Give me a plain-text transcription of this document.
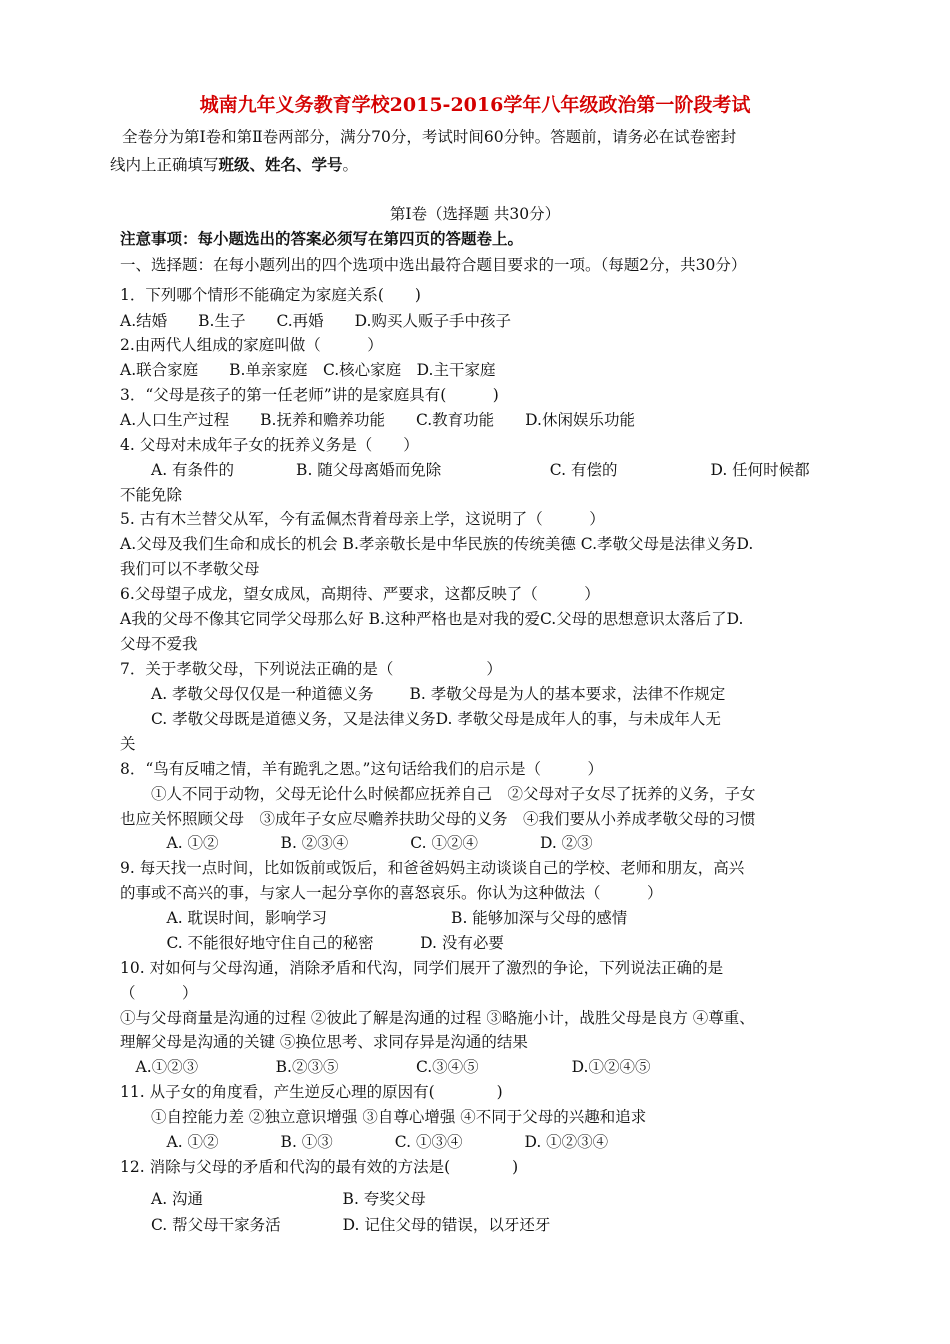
城南九年义务教育学校2015-2016学年八年级政治第一阶段考试
全卷分为第Ⅰ卷和第Ⅱ卷两部分，满分70分，考试时间60分钟。答题前，请务必在试卷密封
线内上正确填写班级、姓名、学号。
第Ⅰ卷（选择题 共30分）
注意事项：每小题选出的答案必须写在第四页的答题卷上。
一、选择题：在每小题列出的四个选项中选出最符合题目要求的一项。（每题2分，共30分）
1．下列哪个情形不能确定为家庭关系(　　)
A.结婚　　B.生子　　C.再婚　　D.购买人贩子手中孩子
2.由两代人组成的家庭叫做（　　　）
A.联合家庭　　B.单亲家庭　C.核心家庭　D.主干家庭
3．“父母是孩子的第一任老师”讲的是家庭具有(　　　)
A.人口生产过程　　B.抚养和赡养功能　　C.教育功能　　D.休闲娱乐功能
4. 父母对未成年子女的抚养义务是（　　）
　　A. 有条件的　　　　B. 随父母离婚而免除　　　　　　　C. 有偿的　　　　　　D. 任何时候都
不能免除
5. 古有木兰替父从军，今有孟佩杰背着母亲上学，这说明了（　　　）
A.父母及我们生命和成长的机会 B.孝亲敬长是中华民族的传统美德 C.孝敬父母是法律义务D.
我们可以不孝敬父母
6.父母望子成龙，望女成凤，高期待、严要求，这都反映了（　　　）
A我的父母不像其它同学父母那么好 B.这种严格也是对我的爱C.父母的思想意识太落后了D.
父母不爱我
7．关于孝敬父母，下列说法正确的是（　　　　　　）
　　A. 孝敬父母仅仅是一种道德义务　　 B. 孝敬父母是为人的基本要求，法律不作规定
　　C. 孝敬父母既是道德义务，又是法律义务D. 孝敬父母是成年人的事，与未成年人无
关
8．“鸟有反哺之情，羊有跪乳之恩。”这句话给我们的启示是（　　　）
　　①人不同于动物，父母无论什么时候都应抚养自己　②父母对子女尽了抚养的义务，子女
也应关怀照顾父母　③成年子女应尽赡养扶助父母的义务　④我们要从小养成孝敬父母的习惯
　　　A. ①②　　　　B. ②③④　　　　C. ①②④　　　　D. ②③
9. 每天找一点时间，比如饭前或饭后，和爸爸妈妈主动谈谈自己的学校、老师和朋友，高兴
的事或不高兴的事，与家人一起分享你的喜怒哀乐。你认为这种做法（　　　）
　　　A. 耽误时间，影响学习　　　　　　　　B. 能够加深与父母的感情
　　　C. 不能很好地守住自己的秘密　　　D. 没有必要
10. 对如何与父母沟通，消除矛盾和代沟，同学们展开了激烈的争论，下列说法正确的是
（　　　）
①与父母商量是沟通的过程 ②彼此了解是沟通的过程 ③略施小计，战胜父母是良方 ④尊重、
理解父母是沟通的关键 ⑤换位思考、求同存异是沟通的结果
　A.①②③　　　　　B.②③⑤　　　　　C.③④⑤　　　　　　D.①②④⑤
11. 从子女的角度看，产生逆反心理的原因有(　　　　)
　　①自控能力差 ②独立意识增强 ③自尊心增强 ④不同于父母的兴趣和追求
　　　A. ①②　　　　B. ①③　　　　C. ①③④　　　　D. ①②③④
12. 消除与父母的矛盾和代沟的最有效的方法是(　　　　)
　　A. 沟通　　　　　　　　　B. 夸奖父母
　　C. 帮父母干家务活　　　　D. 记住父母的错误，以牙还牙
